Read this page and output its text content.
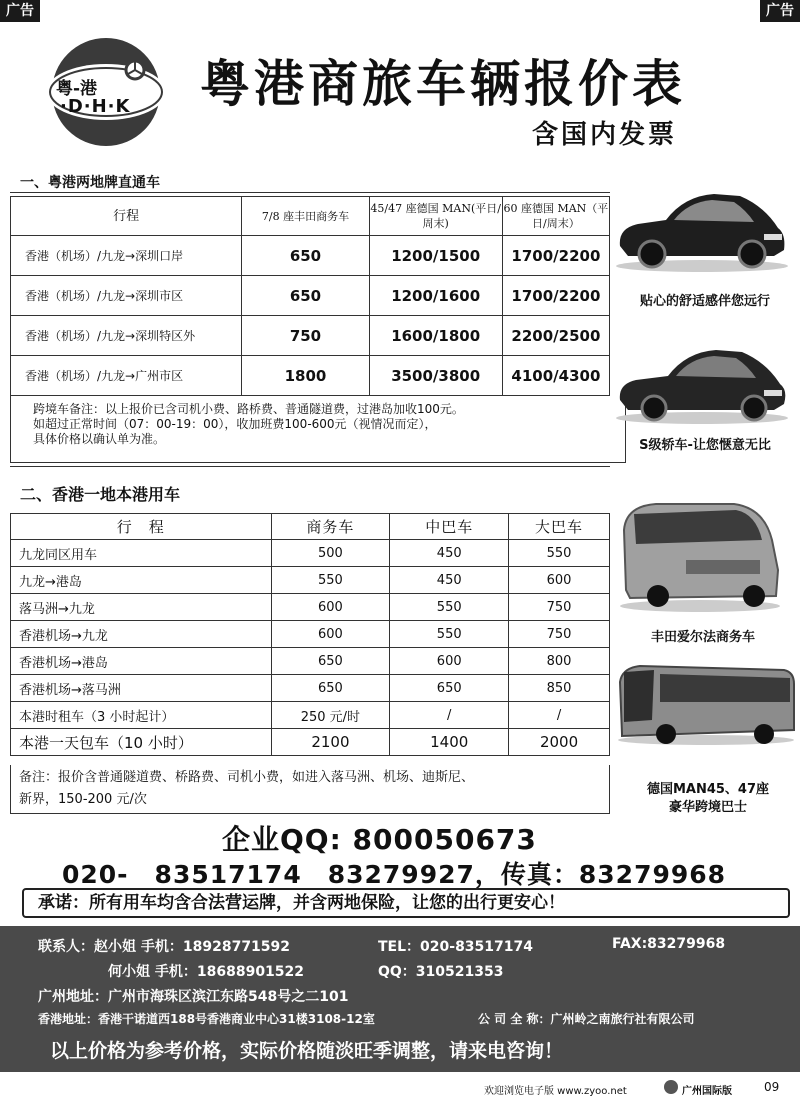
广告	广告
粤-港
·D·H·K 粤港商旅车辆报价表
含国内发票
一、粤港两地牌直通车
行程	7/8 座丰田商务车	45/47 座德国 MAN(平日/周末)	60 座德国 MAN（平日/周末）
香港（机场）/九龙→深圳口岸	650	1200/1500	1700/2200
香港（机场）/九龙→深圳市区	650	1200/1600	1700/2200
香港（机场）/九龙→深圳特区外	750	1600/1800	2200/2500
香港（机场）/九龙→广州市区	1800	3500/3800	4100/4300
跨境车备注：以上报价已含司机小费、路桥费、普通隧道费，过港岛加收100元。
如超过正常时间（07：00-19：00），收加班费100-600元（视情况而定），
具体价格以确认单为准。
二、香港一地本港用车
行　程	商务车	中巴车	大巴车
九龙同区用车	500	450	550
九龙→港岛	550	450	600
落马洲→九龙	600	550	750
香港机场→九龙	600	550	750
香港机场→港岛	650	600	800
香港机场→落马洲	650	650	850
本港时租车（3 小时起计）	250 元/时	/	/
本港一天包车（10 小时）	2100	1400	2000
备注：报价含普通隧道费、桥路费、司机小费，如进入落马洲、机场、迪斯尼、
新界，150-200 元/次
贴心的舒适感伴您远行
S级轿车-让您惬意无比
丰田爱尔法商务车
德国MAN45、47座
豪华跨境巴士
企业QQ: 800050673
020-　83517174　83279927，传真：83279968
承诺：所有用车均含合法营运牌，并含两地保险，让您的出行更安心！
联系人：赵小姐 手机：18928771592	TEL：020-83517174	FAX:83279968
何小姐 手机：18688901522	QQ：310521353
广州地址：广州市海珠区滨江东路548号之二101
香港地址：香港干诺道西188号香港商业中心31楼3108-12室	公 司 全 称：广州岭之南旅行社有限公司
以上价格为参考价格，实际价格随淡旺季调整，请来电咨询！
欢迎浏览电子版 www.zyoo.net	广州国际版	09
